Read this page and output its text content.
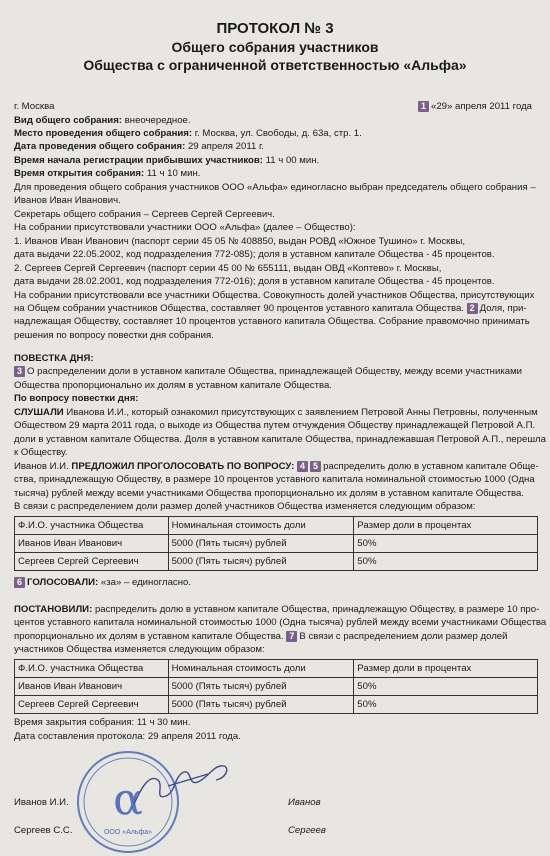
ПРОТОКОЛ № 3
Общего собрания участников
Общества с ограниченной ответственностью «Альфа»
г. Москва	1 «29» апреля 2011 года
Вид общего собрания: внеочередное.
Место проведения общего собрания: г. Москва, ул. Свободы, д. 63а, стр. 1.
Дата проведения общего собрания: 29 апреля 2011 г.
Время начала регистрации прибывших участников: 11 ч 00 мин.
Время открытия собрания: 11 ч 10 мин.
Для проведения общего собрания участников ООО «Альфа» единогласно выбран председатель общего собрания –
Иванов Иван Иванович.
Секретарь общего собрания – Сергеев Сергей Сергеевич.
На собрании присутствовали участники ООО «Альфа» (далее – Общество):
1. Иванов Иван Иванович (паспорт серии 45 05 № 408850, выдан РОВД «Южное Тушино» г. Москвы,
дата выдачи 22.05.2002, код подразделения 772-085); доля в уставном капитале Общества - 45 процентов.
2. Сергеев Сергей Сергеевич (паспорт серии 45 00 № 655111, выдан ОВД «Коптево» г. Москвы,
дата выдачи 28.02.2001, код подразделения 772-016); доля в уставном капитале Общества - 45 процентов.
На собрании присутствовали все участники Общества. Совокупность долей участников Общества, присутствующих
на Общем собрании участников Общества, составляет 90 процентов уставного капитала Общества. 2 Доля, при-
надлежащая Обществу, составляет 10 процентов уставного капитала Общества. Собрание правомочно принимать
решения по вопросу повестки дня собрания.
ПОВЕСТКА ДНЯ:
3 О распределении доли в уставном капитале Общества, принадлежащей Обществу, между всеми участниками
Общества пропорционально их долям в уставном капитале Общества.
По вопросу повестки дня:
СЛУШАЛИ Иванова И.И., который ознакомил присутствующих с заявлением Петровой Анны Петровны, полученным
Обществом 29 марта 2011 года, о выходе из Общества путем отчуждения Обществу принадлежащей Петровой А.П.
доли в уставном капитале Общества. Доля в уставном капитале Общества, принадлежавшая Петровой А.П., перешла
к Обществу.
Иванов И.И. ПРЕДЛОЖИЛ ПРОГОЛОСОВАТЬ ПО ВОПРОСУ: 4 5 распределить долю в уставном капитале Обще-
ства, принадлежащую Обществу, в размере 10 процентов уставного капитала номинальной стоимостью 1000 (Одна
тысяча) рублей между всеми участниками Общества пропорционально их долям в уставном капитале Общества.
В связи с распределением доли размер долей участников Общества изменяется следующим образом:
Ф.И.О. участника Общества	Номинальная стоимость доли	Размер доли в процентах
Иванов Иван Иванович	5000 (Пять тысяч) рублей	50%
Сергеев Сергей Сергеевич	5000 (Пять тысяч) рублей	50%
6 ГОЛОСОВАЛИ: «за» – единогласно.
ПОСТАНОВИЛИ: распределить долю в уставном капитале Общества, принадлежащую Обществу, в размере 10 про-
центов уставного капитала номинальной стоимостью 1000 (Одна тысяча) рублей между всеми участниками Общества
пропорционально их долям в уставном капитале Общества. 7 В связи с распределением доли размер долей
участников Общества изменяется следующим образом:
Ф.И.О. участника Общества	Номинальная стоимость доли	Размер доли в процентах
Иванов Иван Иванович	5000 (Пять тысяч) рублей	50%
Сергеев Сергей Сергеевич	5000 (Пять тысяч) рублей	50%
Время закрытия собрания: 11 ч 30 мин.
Дата составления протокола: 29 апреля 2011 года.
α
ООО «Альфа»
Иванов И.И.	Иванов
Сергеев С.С.	Сергеев
